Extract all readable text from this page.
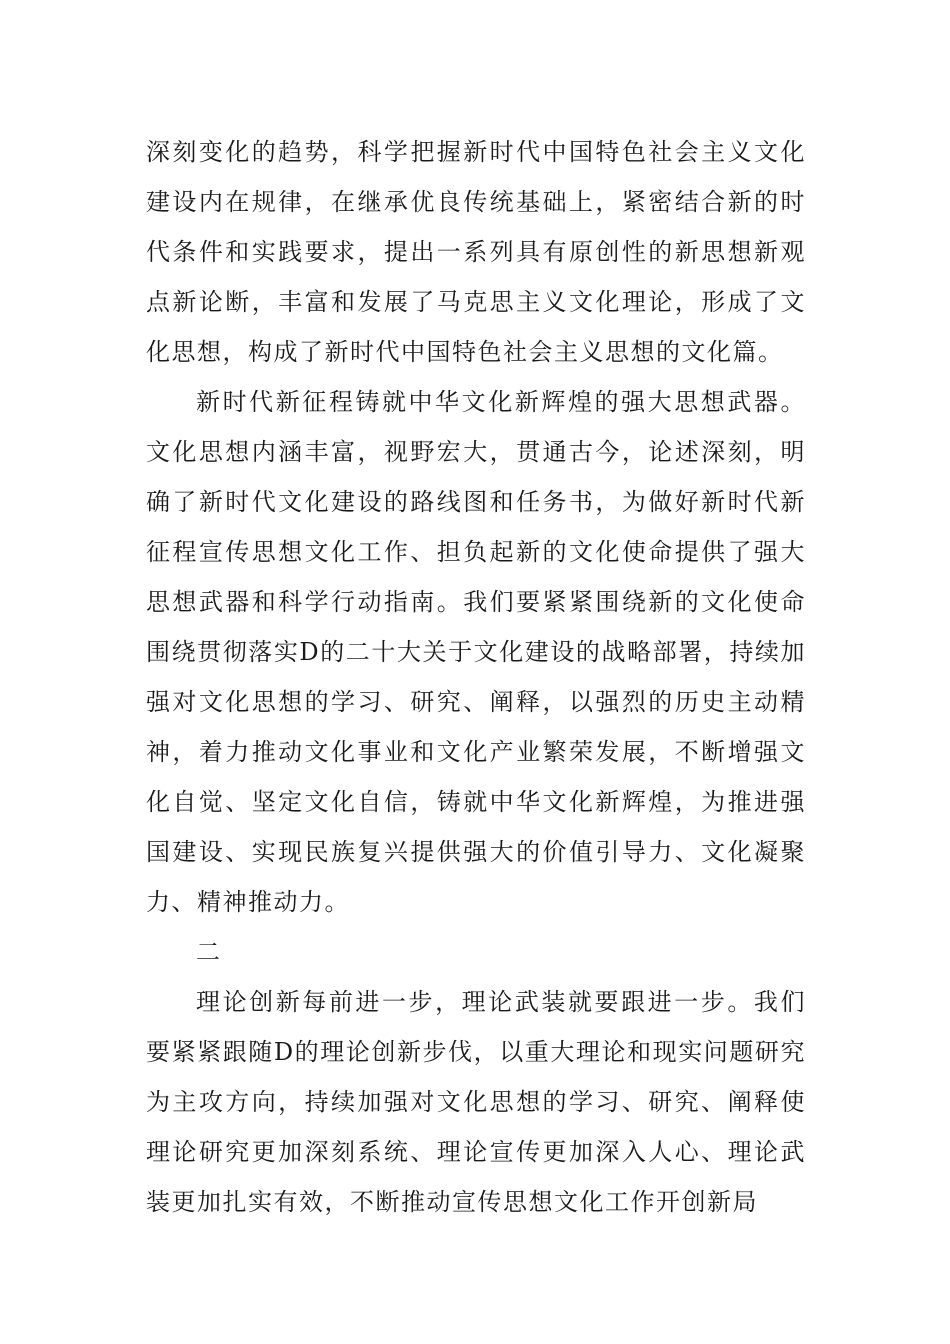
深刻变化的趋势，科学把握新时代中国特色社会主义文化建设内在规律，在继承优良传统基础上，紧密结合新的时代条件和实践要求，提出一系列具有原创性的新思想新观点新论断，丰富和发展了马克思主义文化理论，形成了文化思想，构成了新时代中国特色社会主义思想的文化篇。

新时代新征程铸就中华文化新辉煌的强大思想武器。文化思想内涵丰富，视野宏大，贯通古今，论述深刻，明确了新时代文化建设的路线图和任务书，为做好新时代新征程宣传思想文化工作、担负起新的文化使命提供了强大思想武器和科学行动指南。我们要紧紧围绕新的文化使命围绕贯彻落实D的二十大关于文化建设的战略部署，持续加强对文化思想的学习、研究、阐释，以强烈的历史主动精神，着力推动文化事业和文化产业繁荣发展，不断增强文化自觉、坚定文化自信，铸就中华文化新辉煌，为推进强国建设、实现民族复兴提供强大的价值引导力、文化凝聚力、精神推动力。

二

理论创新每前进一步，理论武装就要跟进一步。我们要紧紧跟随D的理论创新步伐，以重大理论和现实问题研究为主攻方向，持续加强对文化思想的学习、研究、阐释使理论研究更加深刻系统、理论宣传更加深入人心、理论武装更加扎实有效，不断推动宣传思想文化工作开创新局
